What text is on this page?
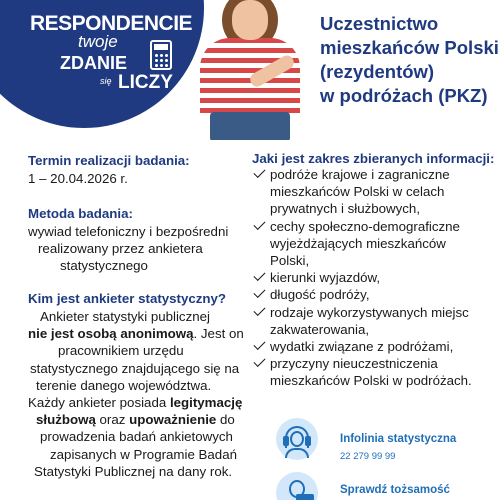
RESPONDENCIE
twoje
ZDANIE
się LICZY
Uczestnictwo
mieszkańców Polski
(rezydentów)
w podróżach (PKZ)
Termin realizacji badania:
1 – 20.04.2026 r.
Metoda badania:
wywiad telefoniczny i bezpośredni
realizowany przez ankietera
statystycznego
Kim jest ankieter statystyczny?
Ankieter statystyki publicznej
nie jest osobą anonimową. Jest on
pracownikiem urzędu
statystycznego znajdującego się na
terenie danego województwa.
Każdy ankieter posiada legitymację
służbową oraz upoważnienie do
prowadzenia badań ankietowych
zapisanych w Programie Badań
Statystyki Publicznej na dany rok.
Jaki jest zakres zbieranych informacji:
podróże krajowe i zagraniczne
mieszkańców Polski w celach
prywatnych i służbowych,
cechy społeczno-demograficzne
wyjeżdżających mieszkańców
Polski,
kierunki wyjazdów,
długość podróży,
rodzaje wykorzystywanych miejsc
zakwaterowania,
wydatki związane z podróżami,
przyczyny nieuczestniczenia
mieszkańców Polski w podróżach.
Infolinia statystyczna
22 279 99 99
Sprawdź tożsamość
